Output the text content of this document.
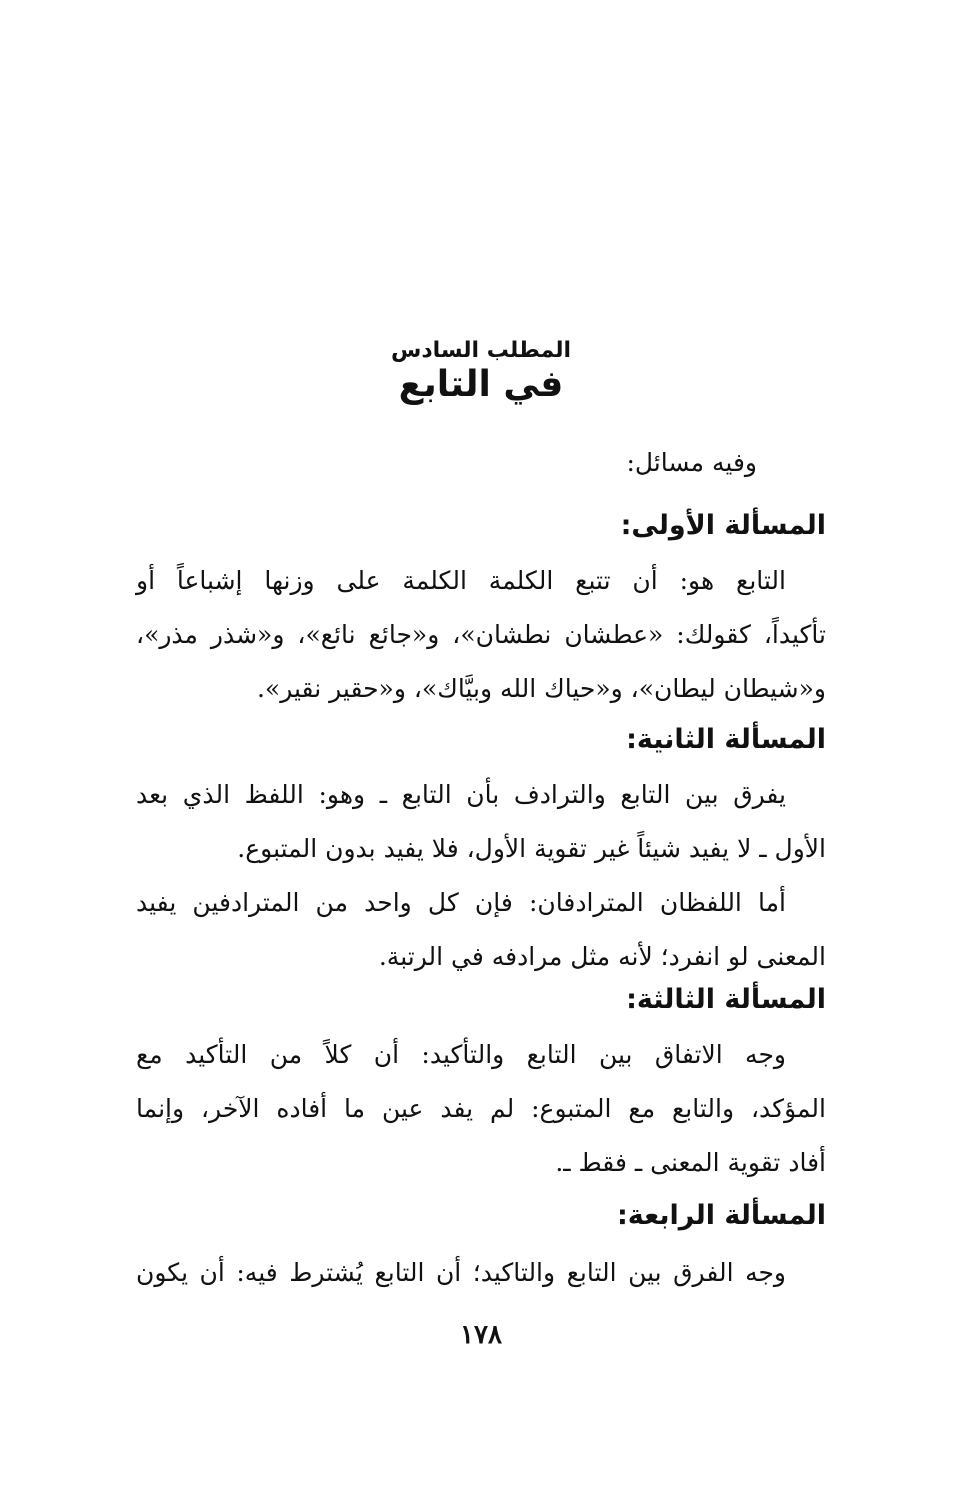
المطلب السادس
في التابع
وفيه مسائل:
المسألة الأولى:
التابع هو: أن تتبع الكلمة الكلمة على وزنها إشباعاً أو
تأكيداً، كقولك: «عطشان نطشان»، و«جائع نائع»، و«شذر مذر»،
و«شيطان ليطان»، و«حياك الله وبيَّاك»، و«حقير نقير».
المسألة الثانية:
يفرق بين التابع والترادف بأن التابع ـ وهو: اللفظ الذي بعد
الأول ـ لا يفيد شيئاً غير تقوية الأول، فلا يفيد بدون المتبوع.
أما اللفظان المترادفان: فإن كل واحد من المترادفين يفيد
المعنى لو انفرد؛ لأنه مثل مرادفه في الرتبة.
المسألة الثالثة:
وجه الاتفاق بين التابع والتأكيد: أن كلاً من التأكيد مع
المؤكد، والتابع مع المتبوع: لم يفد عين ما أفاده الآخر، وإنما
أفاد تقوية المعنى ـ فقط ـ.
المسألة الرابعة:
وجه الفرق بين التابع والتاكيد؛ أن التابع يُشترط فيه: أن يكون
١٧٨
